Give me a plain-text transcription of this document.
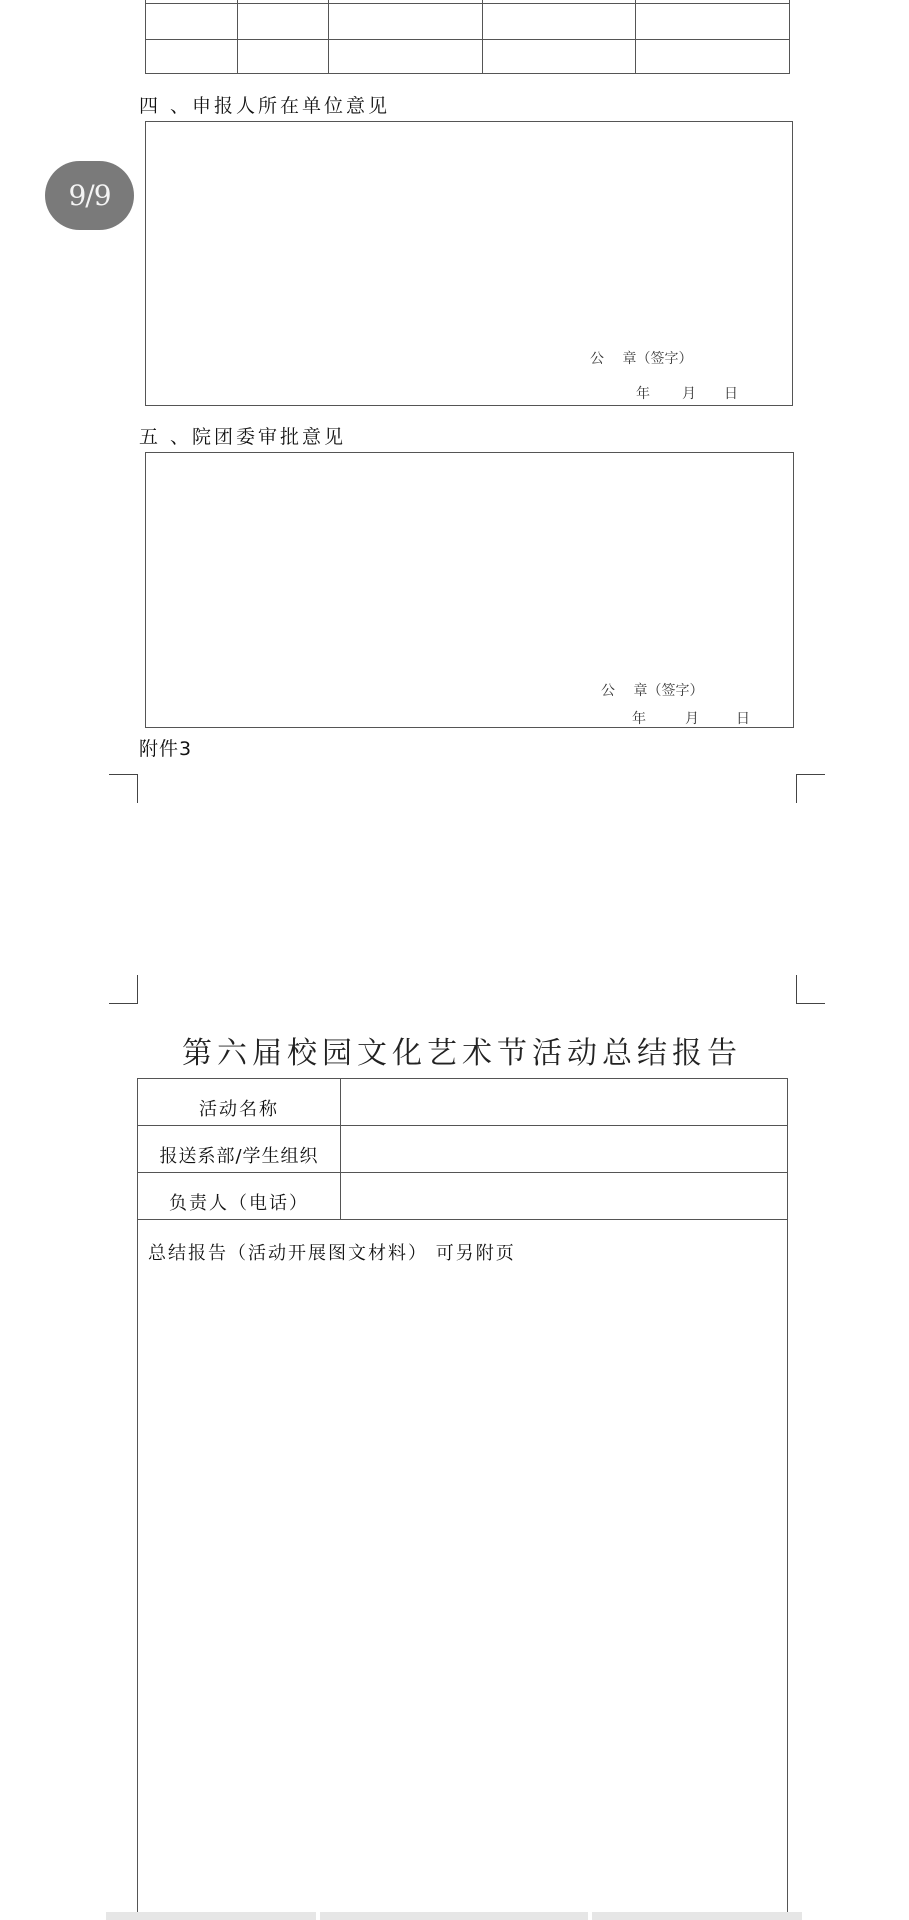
9/9
四 、申报人所在单位意见
公　 章（签字）
年 月 日
五 、院团委审批意见
公　 章（签字）
年	月	日
附件3
第六届校园文化艺术节活动总结报告
活动名称
报送系部/学生组织
负责人（电话）
总结报告（活动开展图文材料） 可另附页
